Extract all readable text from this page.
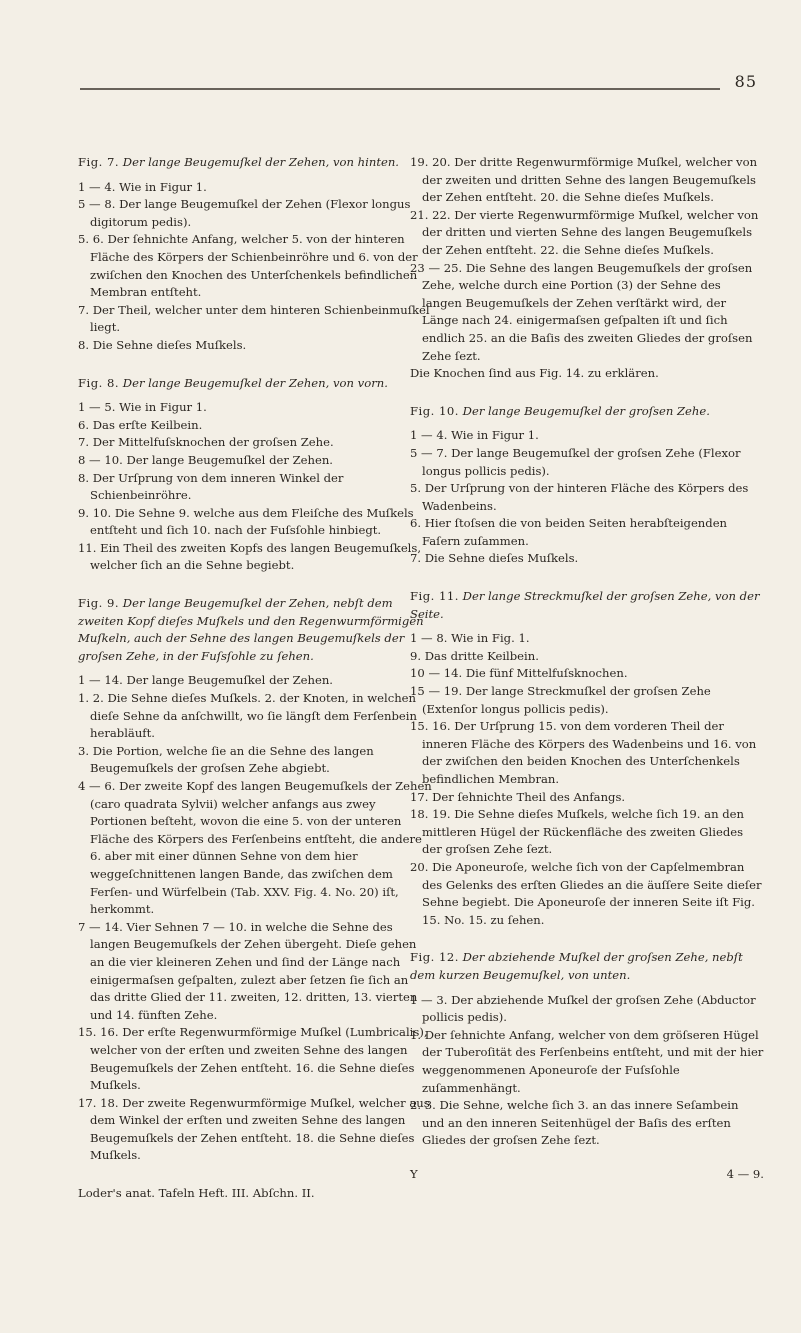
85

Fig. 7. Der lange Beugemuſkel der Zehen, von hinten.

1 — 4. Wie in Figur 1.

5 — 8. Der lange Beugemuſkel der Zehen (Flexor longus digitorum pedis).

5. 6. Der ſehnichte Anfang, welcher 5. von der hinteren Fläche des Körpers der Schienbeinröhre und 6. von der zwiſchen den Knochen des Unterſchenkels befindlichen Membran entſteht.

7. Der Theil, welcher unter dem hinteren Schienbeinmuſkel liegt.

8. Die Sehne dieſes Muſkels.

Fig. 8. Der lange Beugemuſkel der Zehen, von vorn.

1 — 5. Wie in Figur 1.

6. Das erſte Keilbein.

7. Der Mittelfuſsknochen der groſsen Zehe.

8 — 10. Der lange Beugemuſkel der Zehen.

8. Der Urſprung von dem inneren Winkel der Schienbeinröhre.

9. 10. Die Sehne 9. welche aus dem Fleiſche des Muſkels entſteht und ſich 10. nach der Fuſsſohle hinbiegt.

11. Ein Theil des zweiten Kopfs des langen Beugemuſkels, welcher ſich an die Sehne begiebt.

Fig. 9. Der lange Beugemuſkel der Zehen, nebſt dem zweiten Kopf dieſes Muſkels und den Regenwurmförmigen Muſkeln, auch der Sehne des langen Beugemuſkels der groſsen Zehe, in der Fuſsſohle zu ſehen.

1 — 14. Der lange Beugemuſkel der Zehen.

1. 2. Die Sehne dieſes Muſkels. 2. der Knoten, in welchen dieſe Sehne da anſchwillt, wo ſie längſt dem Ferſenbein herabläuft.

3. Die Portion, welche ſie an die Sehne des langen Beugemuſkels der groſsen Zehe abgiebt.

4 — 6. Der zweite Kopf des langen Beugemuſkels der Zehen (caro quadrata Sylvii) welcher anfangs aus zwey Portionen beſteht, wovon die eine 5. von der unteren Fläche des Körpers des Ferſenbeins entſteht, die andere 6. aber mit einer dünnen Sehne von dem hier weggeſchnittenen langen Bande, das zwiſchen dem Ferſen- und Würfelbein (Tab. XXV. Fig. 4. No. 20) iſt, herkommt.

7 — 14. Vier Sehnen 7 — 10. in welche die Sehne des langen Beugemuſkels der Zehen übergeht. Dieſe gehen an die vier kleineren Zehen und ſind der Länge nach einigermaſsen geſpalten, zulezt aber ſetzen ſie ſich an das dritte Glied der 11. zweiten, 12. dritten, 13. vierten und 14. fünften Zehe.

15. 16. Der erſte Regenwurmförmige Muſkel (Lumbricalis), welcher von der erſten und zweiten Sehne des langen Beugemuſkels der Zehen entſteht. 16. die Sehne dieſes Muſkels.

17. 18. Der zweite Regenwurmförmige Muſkel, welcher aus dem Winkel der erſten und zweiten Sehne des langen Beugemuſkels der Zehen entſteht. 18. die Sehne dieſes Muſkels.

Loder's anat. Tafeln Heft. III. Abſchn. II.

19. 20. Der dritte Regenwurmförmige Muſkel, welcher von der zweiten und dritten Sehne des langen Beugemuſkels der Zehen entſteht. 20. die Sehne dieſes Muſkels.

21. 22. Der vierte Regenwurmförmige Muſkel, welcher von der dritten und vierten Sehne des langen Beugemuſkels der Zehen entſteht. 22. die Sehne dieſes Muſkels.

23 — 25. Die Sehne des langen Beugemuſkels der groſsen Zehe, welche durch eine Portion (3) der Sehne des langen Beugemuſkels der Zehen verſtärkt wird, der Länge nach 24. einigermaſsen geſpalten iſt und ſich endlich 25. an die Baſis des zweiten Gliedes der groſsen Zehe ſezt.

Die Knochen ſind aus Fig. 14. zu erklären.

Fig. 10. Der lange Beugemuſkel der groſsen Zehe.

1 — 4. Wie in Figur 1.

5 — 7. Der lange Beugemuſkel der groſsen Zehe (Flexor longus pollicis pedis).

5. Der Urſprung von der hinteren Fläche des Körpers des Wadenbeins.

6. Hier ſtoſsen die von beiden Seiten herabſteigenden Faſern zuſammen.

7. Die Sehne dieſes Muſkels.

Fig. 11. Der lange Streckmuſkel der groſsen Zehe, von der Seite.

1 — 8. Wie in Fig. 1.

9. Das dritte Keilbein.

10 — 14. Die fünf Mittelfuſsknochen.

15 — 19. Der lange Streckmuſkel der groſsen Zehe (Extenſor longus pollicis pedis).

15. 16. Der Urſprung 15. von dem vorderen Theil der inneren Fläche des Körpers des Wadenbeins und 16. von der zwiſchen den beiden Knochen des Unterſchenkels befindlichen Membran.

17. Der ſehnichte Theil des Anfangs.

18. 19. Die Sehne dieſes Muſkels, welche ſich 19. an den mittleren Hügel der Rückenfläche des zweiten Gliedes der groſsen Zehe ſezt.

20. Die Aponeuroſe, welche ſich von der Capſelmembran des Gelenks des erſten Gliedes an die äuſſere Seite dieſer Sehne begiebt. Die Aponeuroſe der inneren Seite iſt Fig. 15. No. 15. zu ſehen.

Fig. 12. Der abziehende Muſkel der groſsen Zehe, nebſt dem kurzen Beugemuſkel, von unten.

1 — 3. Der abziehende Muſkel der groſsen Zehe (Abductor pollicis pedis).

1. Der ſehnichte Anfang, welcher von dem gröſseren Hügel der Tuberoſität des Ferſenbeins entſteht, und mit der hier weggenommenen Aponeuroſe der Fuſsſohle zuſammenhängt.

2. 3. Die Sehne, welche ſich 3. an das innere Seſambein und an den inneren Seitenhügel der Baſis des erſten Gliedes der groſsen Zehe ſezt.

Y	4 — 9.
